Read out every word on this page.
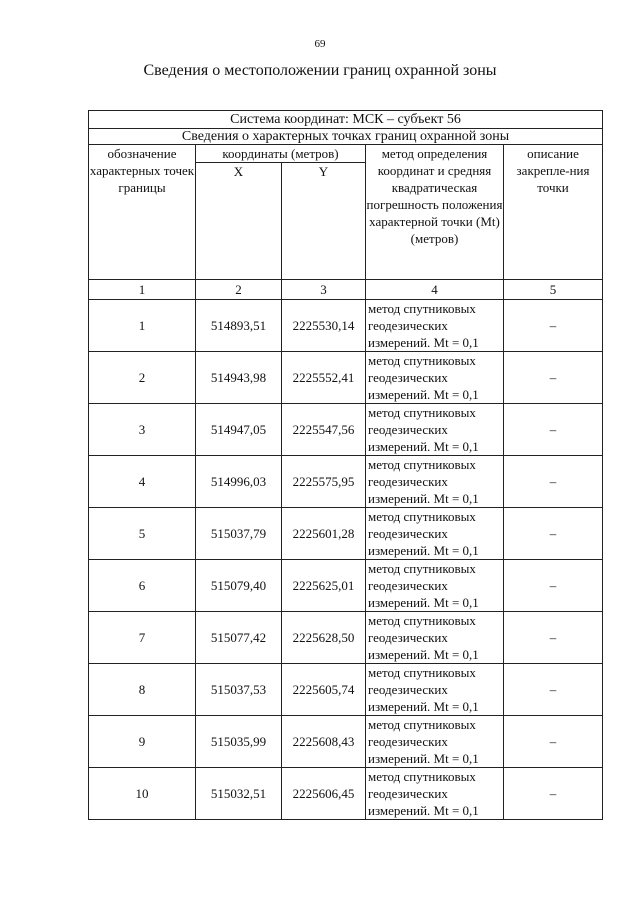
69
Сведения о местоположении границ охранной зоны
Система координат: МСК – субъект 56				
Сведения о характерных точках границ охранной зоны				
обозначение характерных точек границы	координаты (метров)		метод определения координат и средняя квадратическая погрешность положения характерной точки (Mt) (метров)	описание закрепле-ния точки
	X	Y		
1	2	3	4	5
1	514893,51	2225530,14	метод спутниковых
геодезических
измерений. Mt = 0,1	–
2	514943,98	2225552,41	метод спутниковых
геодезических
измерений. Mt = 0,1	–
3	514947,05	2225547,56	метод спутниковых
геодезических
измерений. Mt = 0,1	–
4	514996,03	2225575,95	метод спутниковых
геодезических
измерений. Mt = 0,1	–
5	515037,79	2225601,28	метод спутниковых
геодезических
измерений. Mt = 0,1	–
6	515079,40	2225625,01	метод спутниковых
геодезических
измерений. Mt = 0,1	–
7	515077,42	2225628,50	метод спутниковых
геодезических
измерений. Mt = 0,1	–
8	515037,53	2225605,74	метод спутниковых
геодезических
измерений. Mt = 0,1	–
9	515035,99	2225608,43	метод спутниковых
геодезических
измерений. Mt = 0,1	–
10	515032,51	2225606,45	метод спутниковых
геодезических
измерений. Mt = 0,1	–
